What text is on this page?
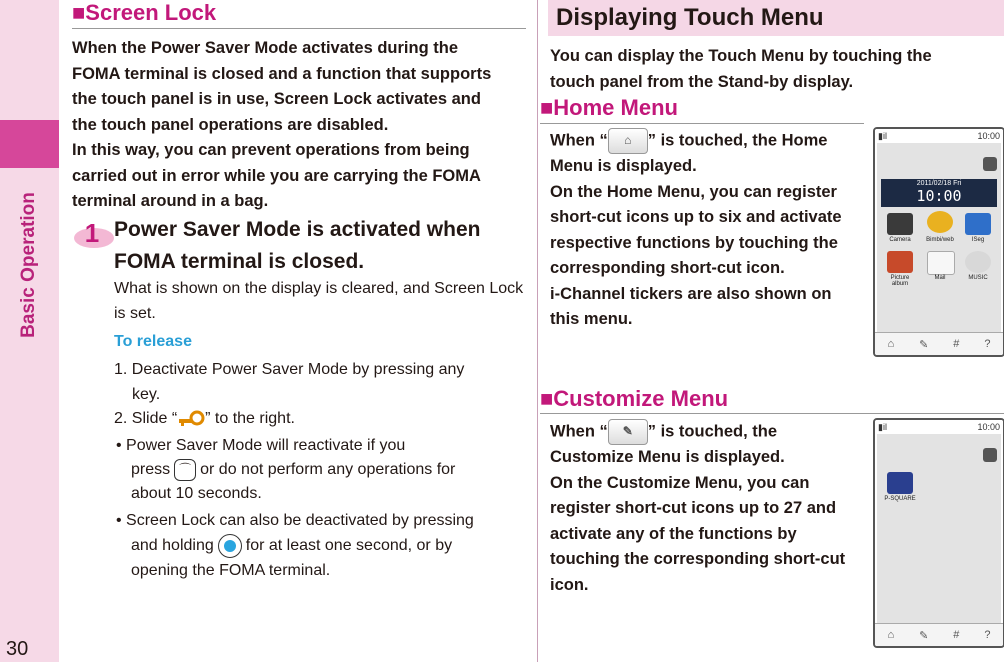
Basic Operation
30
■Screen Lock
When the Power Saver Mode activates during the
FOMA terminal is closed and a function that supports
the touch panel is in use, Screen Lock activates and
the touch panel operations are disabled.
In this way, you can prevent operations from being
carried out in error while you are carrying the FOMA
terminal around in a bag.
1 Power Saver Mode is activated when FOMA terminal is closed.
What is shown on the display is cleared, and Screen Lock is set.
To release
1. Deactivate Power Saver Mode by pressing any
key.
2. Slide “ ” to the right.
• Power Saver Mode will reactivate if you
press ⌒ or do not perform any operations for
about 10 seconds.
• Screen Lock can also be deactivated by pressing
and holding for at least one second, or by
opening the FOMA terminal.
Displaying Touch Menu
You can display the Touch Menu by touching the
touch panel from the Stand-by display.
■Home Menu
When “ ⌂ ” is touched, the Home
Menu is displayed.
On the Home Menu, you can register
short-cut icons up to six and activate
respective functions by touching the
corresponding short-cut icon.
i-Channel tickers are also shown on
this menu.
▮il	10:00
2011/02/18 Fri
10:00
Camera	Bimbi/web	ISeg
Picture album
Mail	MUSIC
⌂ ✎ # ?
■Customize Menu
When “ ✎ ” is touched, the
Customize Menu is displayed.
On the Customize Menu, you can
register short-cut icons up to 27 and
activate any of the functions by
touching the corresponding short-cut
icon.
▮il	10:00
P-SQUARE
⌂ ✎ # ?
